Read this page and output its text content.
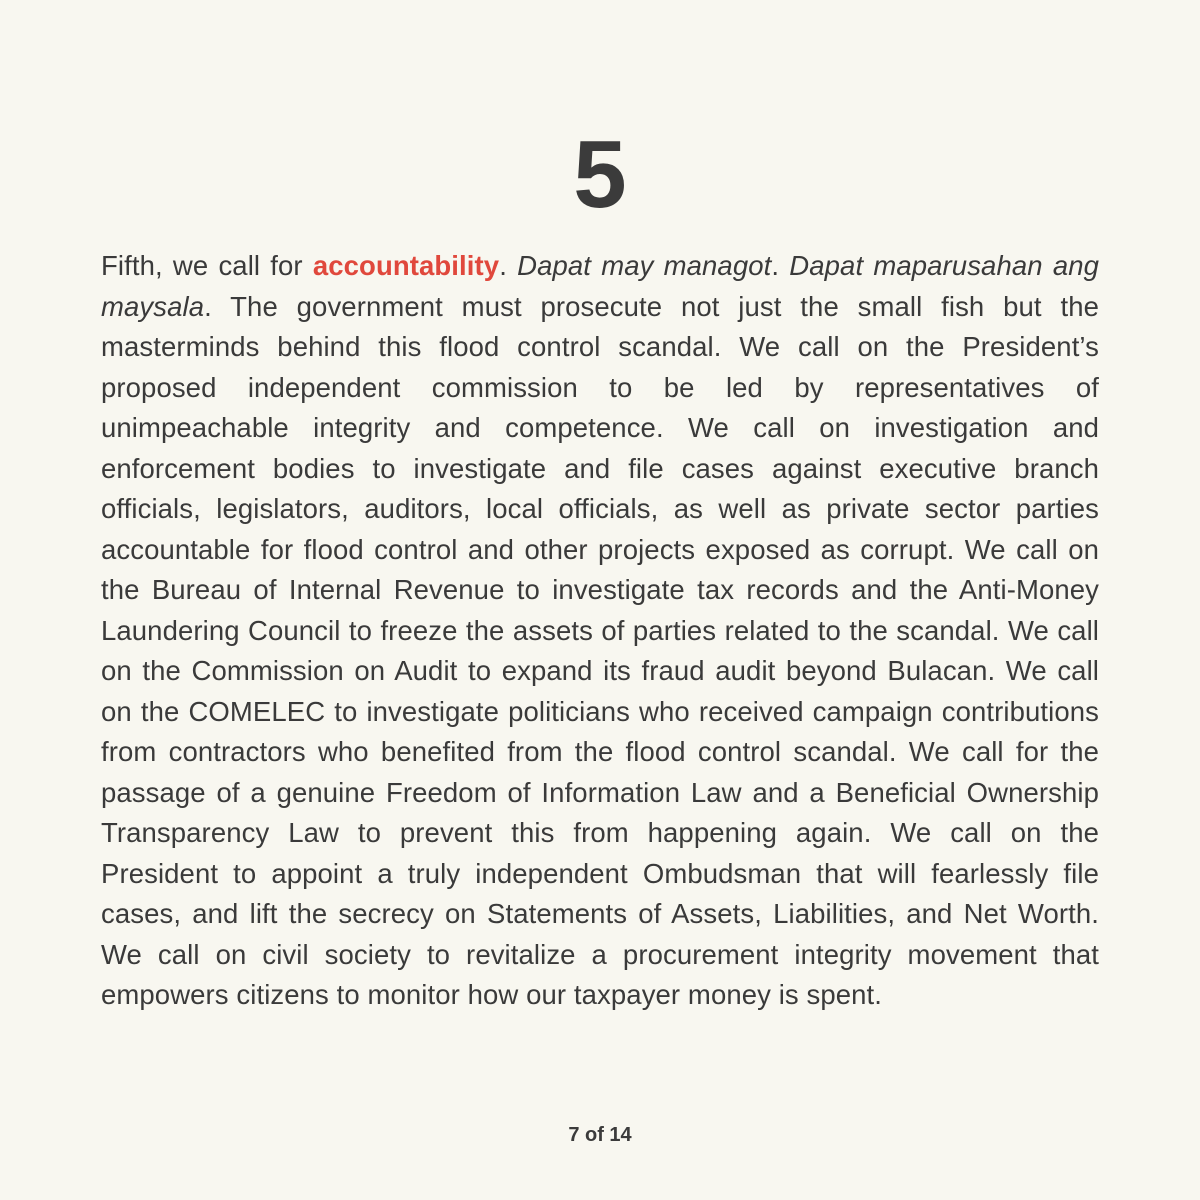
5

Fifth, we call for accountability. Dapat may managot. Dapat maparusahan ang maysala. The government must prosecute not just the small fish but the masterminds behind this flood control scandal. We call on the President’s proposed independent commission to be led by representatives of unimpeachable integrity and competence. We call on investigation and enforcement bodies to investigate and file cases against executive branch officials, legislators, auditors, local officials, as well as private sector parties accountable for flood control and other projects exposed as corrupt. We call on the Bureau of Internal Revenue to investigate tax records and the Anti-Money Laundering Council to freeze the assets of parties related to the scandal. We call on the Commission on Audit to expand its fraud audit beyond Bulacan. We call on the COMELEC to investigate politicians who received campaign contributions from contractors who benefited from the flood control scandal. We call for the passage of a genuine Freedom of Information Law and a Beneficial Ownership Transparency Law to prevent this from happening again. We call on the President to appoint a truly independent Ombudsman that will fearlessly file cases, and lift the secrecy on Statements of Assets, Liabilities, and Net Worth. We call on civil society to revitalize a procurement integrity movement that empowers citizens to monitor how our taxpayer money is spent.

7 of 14
